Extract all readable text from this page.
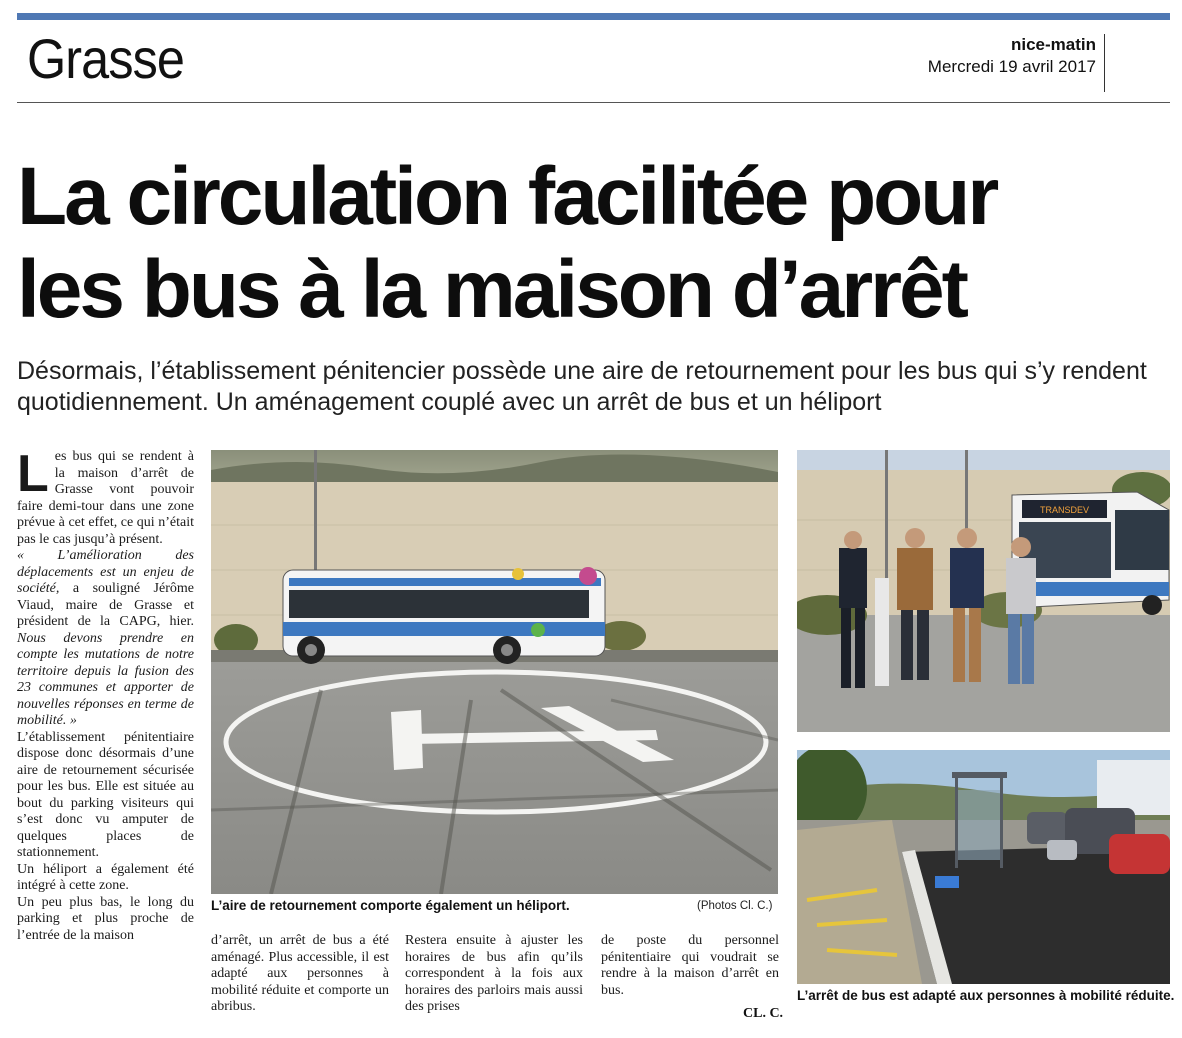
Grasse	nice-matin
Mercredi 19 avril 2017
La circulation facilitée pour
les bus à la maison d’arrêt
Désormais, l’établissement pénitencier possède une aire de retournement pour les bus qui s’y rendent quotidiennement. Un aménagement couplé avec un arrêt de bus et un héliport

Les bus qui se rendent à la maison d’arrêt de Grasse vont pouvoir faire demi-tour dans une zone prévue à cet effet, ce qui n’était pas le cas jusqu’à présent.

« L’amélioration des déplacements est un enjeu de société, a souligné Jérôme Viaud, maire de Grasse et président de la CAPG, hier. Nous devons prendre en compte les mutations de notre territoire depuis la fusion des 23 communes et apporter de nouvelles réponses en terme de mobilité. »

L’établissement pénitentiaire dispose donc désormais d’une aire de retournement sécurisée pour les bus. Elle est située au bout du parking visiteurs qui s’est donc vu amputer de quelques places de stationnement.

Un héliport a également été intégré à cette zone.

Un peu plus bas, le long du parking et plus proche de l’entrée de la maison

L’aire de retournement comporte également un héliport.	(Photos Cl. C.)

d’arrêt, un arrêt de bus a été aménagé. Plus accessible, il est adapté aux personnes à mobilité réduite et comporte un abribus.

Restera ensuite à ajuster les horaires de bus afin qu’ils correspondent à la fois aux horaires des parloirs mais aussi des prises

de poste du personnel pénitentiaire qui voudrait se rendre à la maison d’arrêt en bus.

CL. C.
TRANSDEV
L’arrêt de bus est adapté aux personnes à mobilité réduite.
